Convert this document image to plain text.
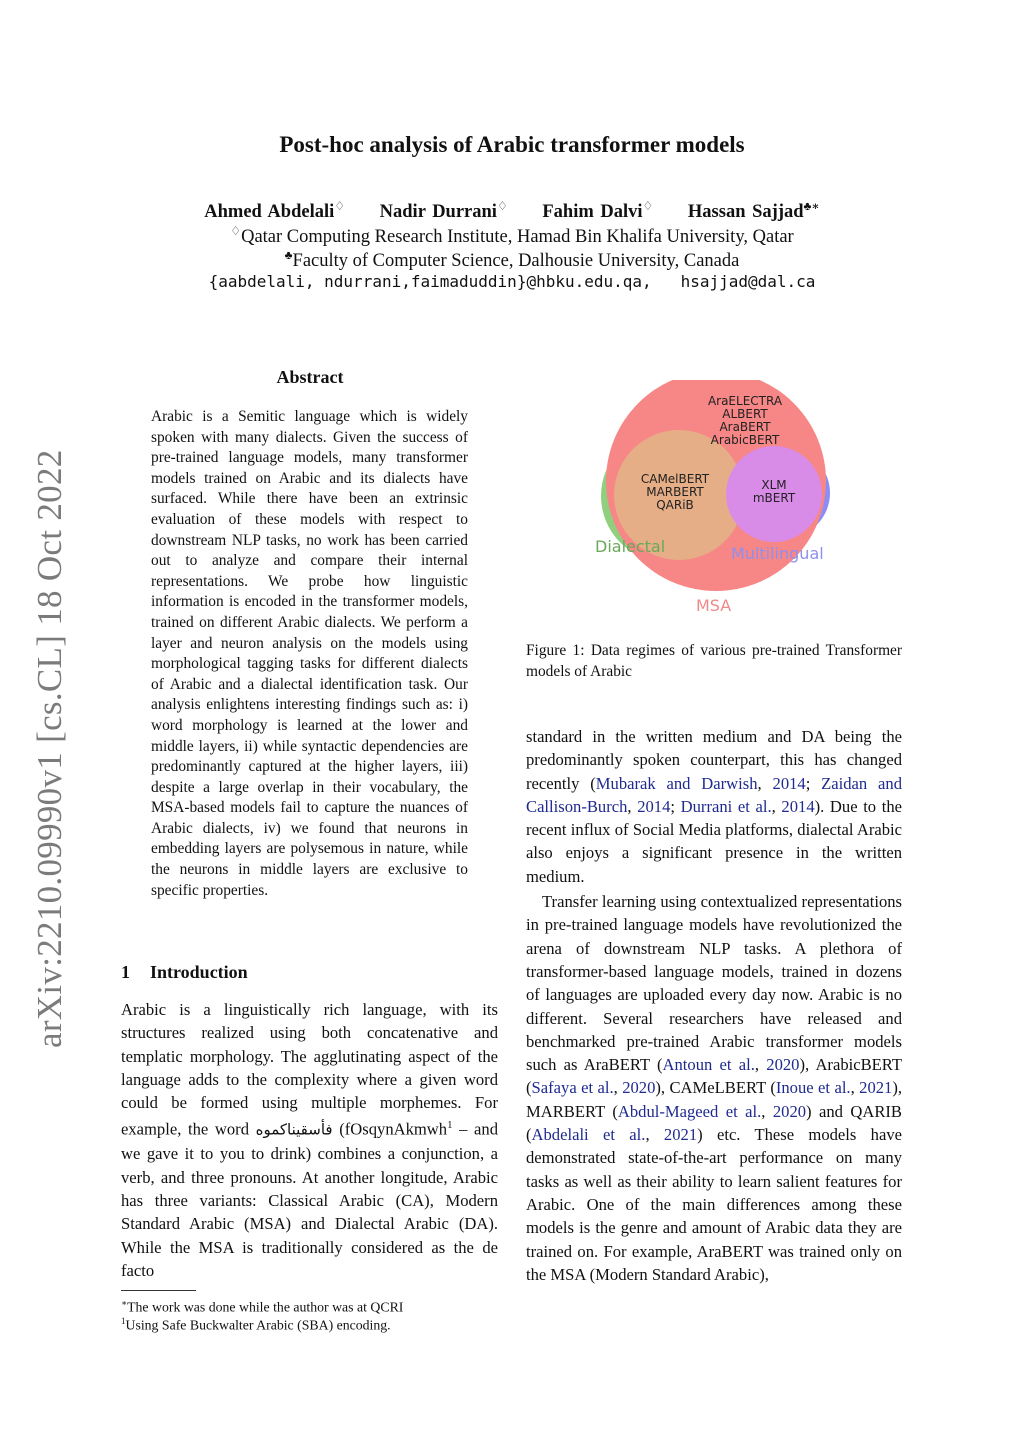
arXiv:2210.09990v1 [cs.CL] 18 Oct 2022
Post-hoc analysis of Arabic transformer models
Ahmed Abdelali♢ Nadir Durrani♢ Fahim Dalvi♢ Hassan Sajjad♣∗
♢Qatar Computing Research Institute, Hamad Bin Khalifa University, Qatar
♣Faculty of Computer Science, Dalhousie University, Canada
{aabdelali, ndurrani,faimaduddin}@hbku.edu.qa,   hsajjad@dal.ca
Abstract
Arabic is a Semitic language which is widely spoken with many dialects. Given the success of pre-trained language models, many transformer models trained on Arabic and its dialects have surfaced. While there have been an extrinsic evaluation of these models with respect to downstream NLP tasks, no work has been carried out to analyze and compare their internal representations. We probe how linguistic information is encoded in the transformer models, trained on different Arabic dialects. We perform a layer and neuron analysis on the models using morphological tagging tasks for different dialects of Arabic and a dialectal identification task. Our analysis enlightens interesting findings such as: i) word morphology is learned at the lower and middle layers, ii) while syntactic dependencies are predominantly captured at the higher layers, iii) despite a large overlap in their vocabulary, the MSA-based models fail to capture the nuances of Arabic dialects, iv) we found that neurons in embedding layers are polysemous in nature, while the neurons in middle layers are exclusive to specific properties.
1 Introduction
Arabic is a linguistically rich language, with its structures realized using both concatenative and templatic morphology. The agglutinating aspect of the language adds to the complexity where a given word could be formed using multiple morphemes. For example, the word فأسقيناكموه (fOsqynAkmwh$^1$ – and we gave it to you to drink) combines a conjunction, a verb, and three pronouns. At another longitude, Arabic has three variants: Classical Arabic (CA), Modern Standard Arabic (MSA) and Dialectal Arabic (DA). While the MSA is traditionally considered as the de facto
∗The work was done while the author was at QCRI
$^1$Using Safe Buckwalter Arabic (SBA) encoding.
AraELECTRA
ALBERT
AraBERT
ArabicBERT
CAMelBERT
MARBERT
QARiB
XLM
mBERT
Dialectal	Multilingual
MSA
Figure 1: Data regimes of various pre-trained Transformer models of Arabic
standard in the written medium and DA being the predominantly spoken counterpart, this has changed recently (Mubarak and Darwish, 2014; Zaidan and Callison-Burch, 2014; Durrani et al., 2014). Due to the recent influx of Social Media platforms, dialectal Arabic also enjoys a significant presence in the written medium.
Transfer learning using contextualized representations in pre-trained language models have revolutionized the arena of downstream NLP tasks. A plethora of transformer-based language models, trained in dozens of languages are uploaded every day now. Arabic is no different. Several researchers have released and benchmarked pre-trained Arabic transformer models such as AraBERT (Antoun et al., 2020), ArabicBERT (Safaya et al., 2020), CAMeLBERT (Inoue et al., 2021), MARBERT (Abdul-Mageed et al., 2020) and QARIB (Abdelali et al., 2021) etc. These models have demonstrated state-of-the-art performance on many tasks as well as their ability to learn salient features for Arabic. One of the main differences among these models is the genre and amount of Arabic data they are trained on. For example, AraBERT was trained only on the MSA (Modern Standard Arabic),
